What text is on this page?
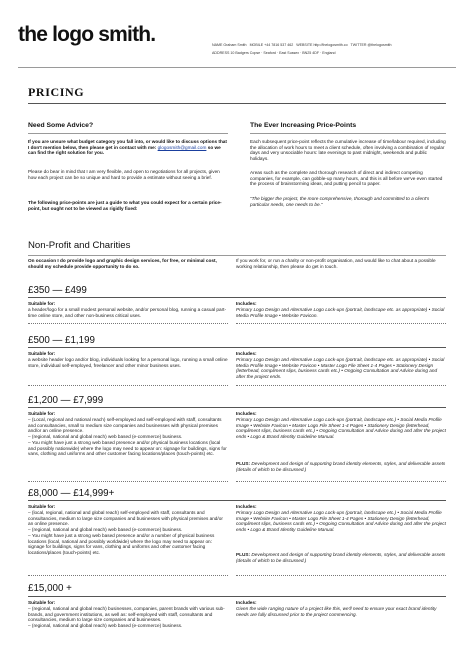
the logo smith.	NAME Graham Smith MOBILE +44 7816 537 462 WEBSITE http://thelogosmith.co TWITTER @thelogosmith
ADDRESS 10 Badgers Copse · Seaford · East Sussex · BN25 4DF · England
PRICING
Need Some Advice?
If you are unsure what budget category you fall into, or would like to discuss options that I don't mention below, then please get in contact with me: glogosmith@gmail.com so we can find the right solution for you.
Please do bear in mind that I am very flexible, and open to negotiations for all projects, given how each project can be so unique and hard to provide a estimate without seeing a brief.
The following price-points are just a guide to what you could expect for a certain price-point, but ought not to be viewed as rigidly fixed:
The Ever Increasing Price-Points
Each subsequent price-point reflects the cumulative increase of time/labour required, including the allocation of work hours to meet a client schedule, often involving a combination of regular days and very unsociable hours: late evenings to past midnight, weekends and public holidays.
Areas such as the complete and thorough research of direct and indirect competing companies, for example, can gobble-up many hours, and this is all before we've even started the process of brainstorming ideas, and putting pencil to paper.
"The bigger the project, the more comprehensive, thorough and committed to a client's particular needs, one needs to be."
Non-Profit and Charities
On occasion I do provide logo and graphic design services, for free, or minimal cost, should my schedule provide opportunity to do so.
If you work for, or run a charity or non-profit organisation, and would like to chat about a possible working relationship, then please do get in touch.
£350 — £499
Suitable for:
a header/logo for a small modest personal website, and/or personal blog, running a casual part-time online store, and other non-business critical uses.
Includes:
Primary Logo Design and Alternative Logo Lock-ups (portrait, landscape etc. as appropriate) • Social Media Profile Image • Website Favicon.
£500 — £1,199
Suitable for:
a website header logo and/or blog, individuals looking for a personal logo, running a small online store, individual self-employed, freelancer and other minor business uses.
Includes:
Primary Logo Design and Alternative Logo Lock-ups (portrait, landscape etc. as appropriate) • Social Media Profile Image • Website Favicon • Master Logo File Sheet 1-4 Pages • Stationery Design (letterhead, compliment slips, business cards etc.) • Ongoing Consultation and Advice during and after the project ends.
£1,200 — £7,999
Suitable for:
– (Local, regional and national reach) self-employed and self-employed with staff, consultants and consultancies, small to medium size companies and businesses with physical premises and/or an online presence.
– (regional, national and global reach) web based (e-commerce) business.
– You might have just a strong web based presence and/or physical business locations (local and possibly nationwide) where the logo may need to appear on: signage for buildings, signs for vans, clothing and uniforms and other customer facing locations/places (touch-points) etc.
Includes:
Primary Logo Design and Alternative Logo Lock-ups (portrait, landscape etc.) • Social Media Profile Image • Website Favicon • Master Logo File Sheet 1-4 Pages • Stationery Design (letterhead, compliment slips, business cards etc.) • Ongoing Consultation and Advice during and after the project ends • Logo & Brand Identity Guideline Manual.
PLUS: Development and design of supporting brand identity elements, styles, and deliverable assets (details of which to be discussed.)
£8,000 — £14,999+
Suitable for:
– (local, regional, national and global reach) self-employed with staff, consultants and consultancies, medium to large size companies and businesses with physical premises and/or an online presence.
– (regional, national and global reach) web based (e-commerce) business.
– You might have just a strong web based presence and/or a number of physical business locations (local, national and possibly worldwide) where the logo may need to appear on: signage for buildings, signs for vans, clothing and uniforms and other customer facing locations/places (touch-points) etc.
Includes:
Primary Logo Design and Alternative Logo Lock-ups (portrait, landscape etc.) • Social Media Profile Image • Website Favicon • Master Logo File Sheet 1-4 Pages • Stationery Design (letterhead, compliment slips, business cards etc.) • Ongoing Consultation and Advice during and after the project ends • Logo & Brand Identity Guideline Manual.
PLUS: Development and design of supporting brand identity elements, styles, and deliverable assets (details of which to be discussed.)
£15,000 +
Suitable for:
– (regional, national and global reach) businesses, companies, parent brands with various sub-brands, and government institutions, as well as: self-employed with staff, consultants and consultancies, medium to large size companies and businesses.
– (regional, national and global reach) web based (e-commerce) business.
Includes:
Given the wide ranging nature of a project like this, we'll need to ensure your exact brand identity needs are fully discussed prior to the project commencing.
